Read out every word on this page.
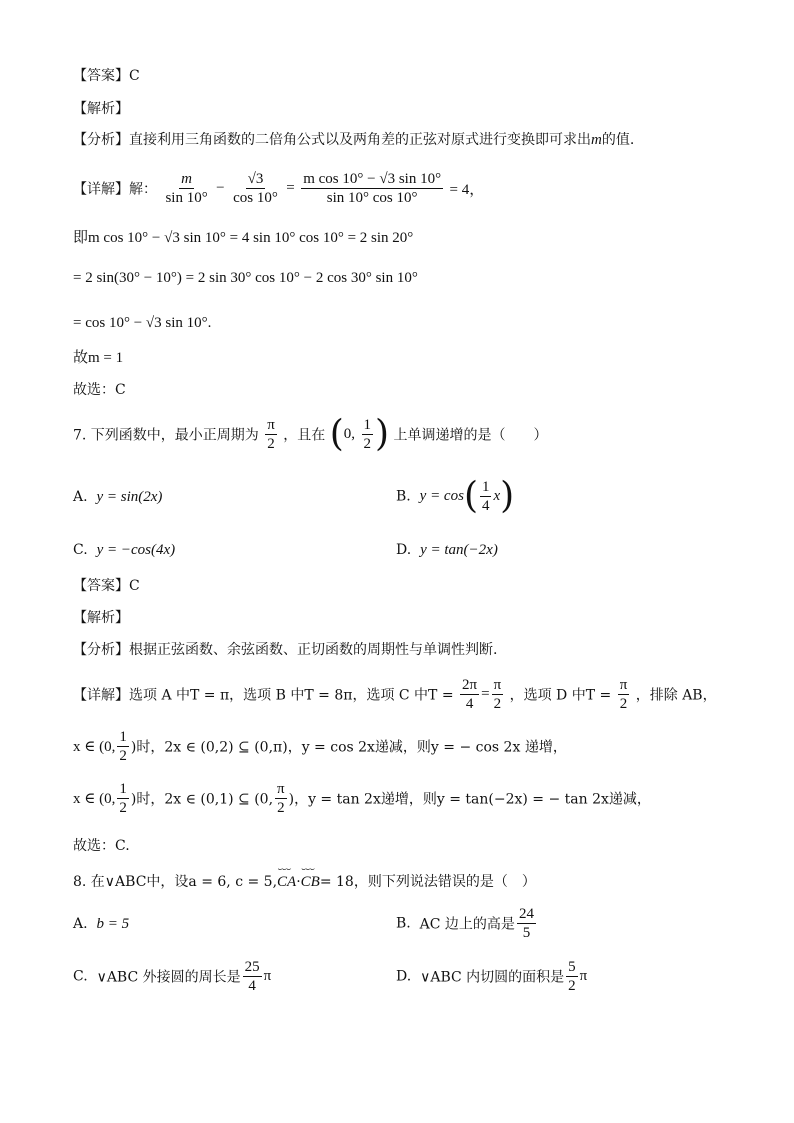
【答案】C
【解析】
【分析】直接利用三角函数的二倍角公式以及两角差的正弦对原式进行变换即可求出m的值.
【详解】解： $\frac{m}{\sin 10^\circ} - \frac{√3}{\cos 10^\circ} = \frac{\text{m cos 10° − √3 sin 10°}}{\sin 10^\circ \cos 10^\circ} = 4$，
即m cos 10° − √3 sin 10° = 4 sin 10° cos 10° = 2 sin 20°
= 2 sin(30° − 10°) = 2 sin 30° cos 10° − 2 cos 30° sin 10°
= cos 10° − √3 sin 10°.
故m = 1
故选：C
7. 下列函数中，最小正周期为 $\frac{\pi}{2}$ ，且在 (0, $\frac{1}{2}$ ) 上单调递增的是（　　）
A. y = sin(2x)	B. $y = \cos( \frac{1}{4} x)$
C. y = −cos(4x)	D. y = tan(−2x)
【答案】C
【解析】
【分析】根据正弦函数、余弦函数、正切函数的周期性与单调性判断.
【详解】选项 A 中T = π，选项 B 中T = 8π，选项 C 中$T = \frac{2\pi}{4} = \frac{\pi}{2}$ ，选项 D 中$T = \frac{\pi}{2}$ ，排除 AB，
x ∈ (0, $\frac{1}{2}$ )时，2x ∈ (0,2) ⊆ (0,π)，y = cos 2x递减，则y = − cos 2x 递增，
x ∈ (0, $\frac{1}{2}$ )时，2x ∈ (0,1) ⊆ (0, $\frac{\pi}{2}$ )，y = tan 2x递增，则y = tan(−2x) = − tan 2x递减，
故选：C.
8. 在∨ABC中，设a = 6, c = 5,⌣⌣⌣ CA·⌣⌣⌣ CB= 18，则下列说法错误的是（　）
A. b = 5	B. AC 边上的高是 $\frac{24}{5}$
C. ∨ABC 外接圆的周长是 $\frac{25}{4}$ π	D. ∨ABC 内切圆的面积是 $\frac{5}{2}$ π
